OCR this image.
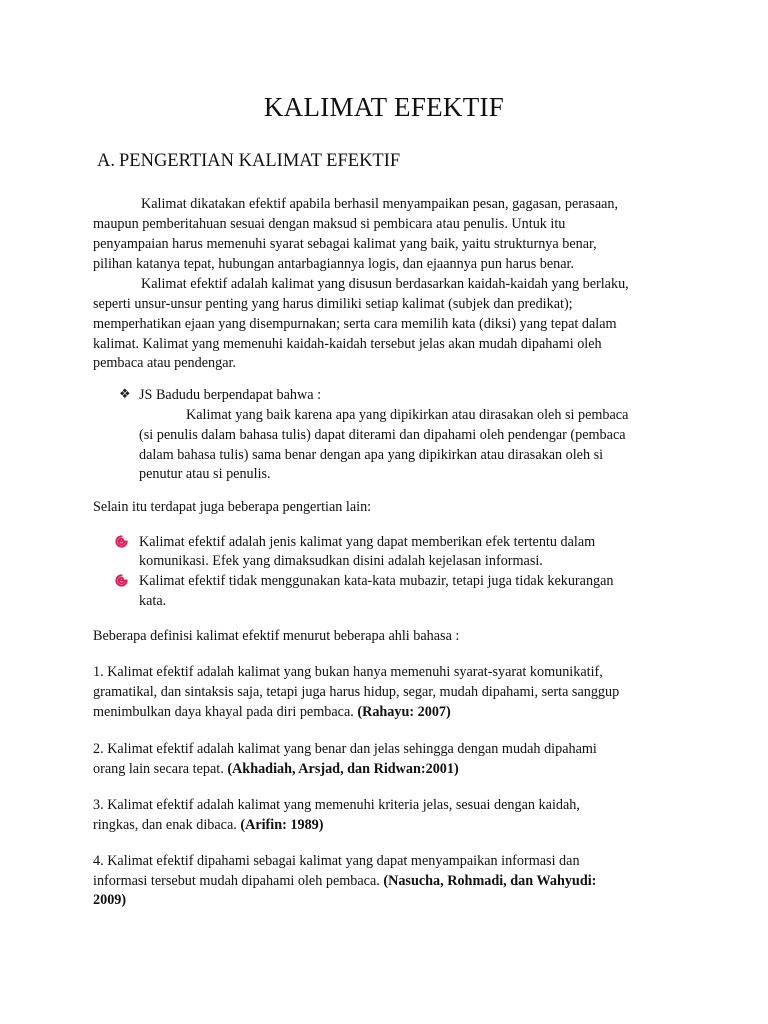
KALIMAT EFEKTIF
A. PENGERTIAN KALIMAT EFEKTIF
Kalimat dikatakan efektif apabila berhasil menyampaikan pesan, gagasan, perasaan,
maupun pemberitahuan sesuai dengan maksud si pembicara atau penulis. Untuk itu
penyampaian harus memenuhi syarat sebagai kalimat yang baik, yaitu strukturnya benar,
pilihan katanya tepat, hubungan antarbagiannya logis, dan ejaannya pun harus benar.
Kalimat efektif adalah kalimat yang disusun berdasarkan kaidah-kaidah yang berlaku,
seperti unsur-unsur penting yang harus dimiliki setiap kalimat (subjek dan predikat);
memperhatikan ejaan yang disempurnakan; serta cara memilih kata (diksi) yang tepat dalam
kalimat. Kalimat yang memenuhi kaidah-kaidah tersebut jelas akan mudah dipahami oleh
pembaca atau pendengar.
❖ JS Badudu berpendapat bahwa :
Kalimat yang baik karena apa yang dipikirkan atau dirasakan oleh si pembaca
(si penulis dalam bahasa tulis) dapat diterami dan dipahami oleh pendengar (pembaca
dalam bahasa tulis) sama benar dengan apa yang dipikirkan atau dirasakan oleh si
penutur atau si penulis.
Selain itu terdapat juga beberapa pengertian lain:
Kalimat efektif adalah jenis kalimat yang dapat memberikan efek tertentu dalam
komunikasi. Efek yang dimaksudkan disini adalah kejelasan informasi.
Kalimat efektif tidak menggunakan kata-kata mubazir, tetapi juga tidak kekurangan
kata.
Beberapa definisi kalimat efektif menurut beberapa ahli bahasa :
1. Kalimat efektif adalah kalimat yang bukan hanya memenuhi syarat-syarat komunikatif,
gramatikal, dan sintaksis saja, tetapi juga harus hidup, segar, mudah dipahami, serta sanggup
menimbulkan daya khayal pada diri pembaca. (Rahayu: 2007)
2. Kalimat efektif adalah kalimat yang benar dan jelas sehingga dengan mudah dipahami
orang lain secara tepat. (Akhadiah, Arsjad, dan Ridwan:2001)
3. Kalimat efektif adalah kalimat yang memenuhi kriteria jelas, sesuai dengan kaidah,
ringkas, dan enak dibaca. (Arifin: 1989)
4. Kalimat efektif dipahami sebagai kalimat yang dapat menyampaikan informasi dan
informasi tersebut mudah dipahami oleh pembaca. (Nasucha, Rohmadi, dan Wahyudi:
2009)
